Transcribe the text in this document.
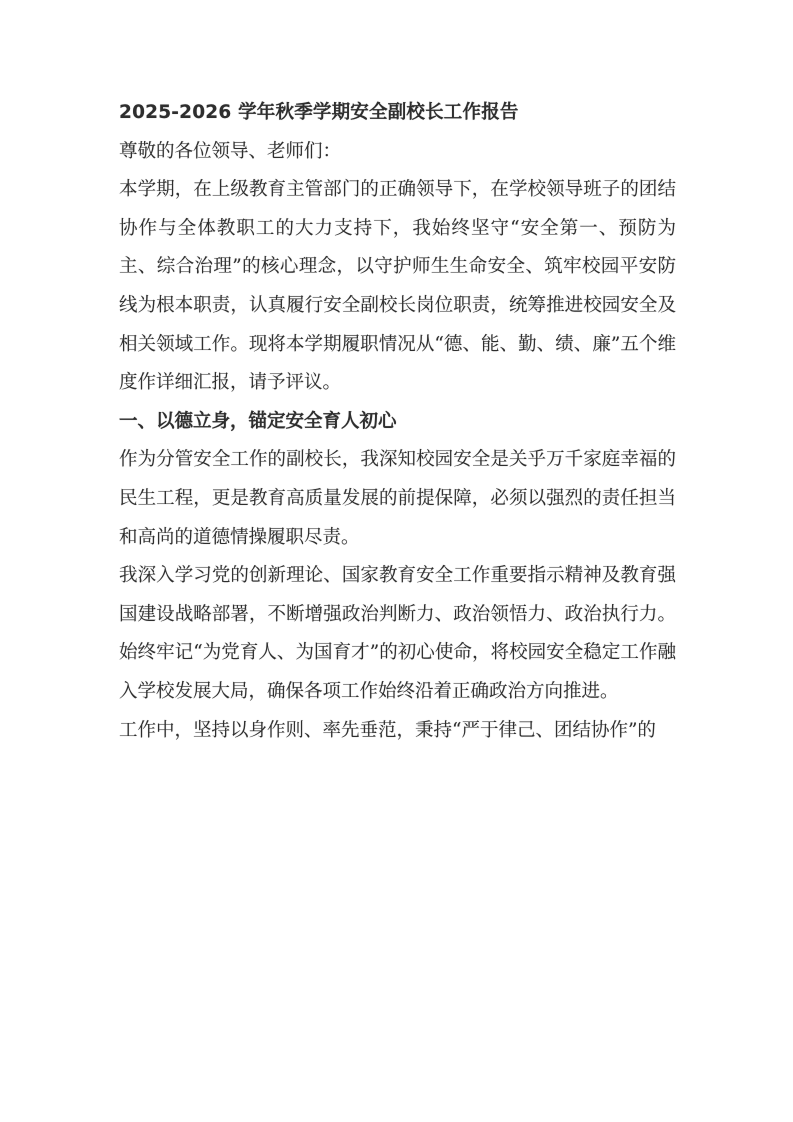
2025-2026 学年秋季学期安全副校长工作报告

尊敬的各位领导、老师们：

本学期，在上级教育主管部门的正确领导下，在学校领导班子的团结协作与全体教职工的大力支持下，我始终坚守“安全第一、预防为主、综合治理”的核心理念，以守护师生生命安全、筑牢校园平安防线为根本职责，认真履行安全副校长岗位职责，统筹推进校园安全及相关领域工作。现将本学期履职情况从“德、能、勤、绩、廉”五个维度作详细汇报，请予评议。

一、以德立身，锚定安全育人初心

作为分管安全工作的副校长，我深知校园安全是关乎万千家庭幸福的民生工程，更是教育高质量发展的前提保障，必须以强烈的责任担当和高尚的道德情操履职尽责。

我深入学习党的创新理论、国家教育安全工作重要指示精神及教育强国建设战略部署，不断增强政治判断力、政治领悟力、政治执行力。始终牢记“为党育人、为国育才”的初心使命，将校园安全稳定工作融入学校发展大局，确保各项工作始终沿着正确政治方向推进。

工作中，坚持以身作则、率先垂范，秉持“严于律己、团结协作”的
